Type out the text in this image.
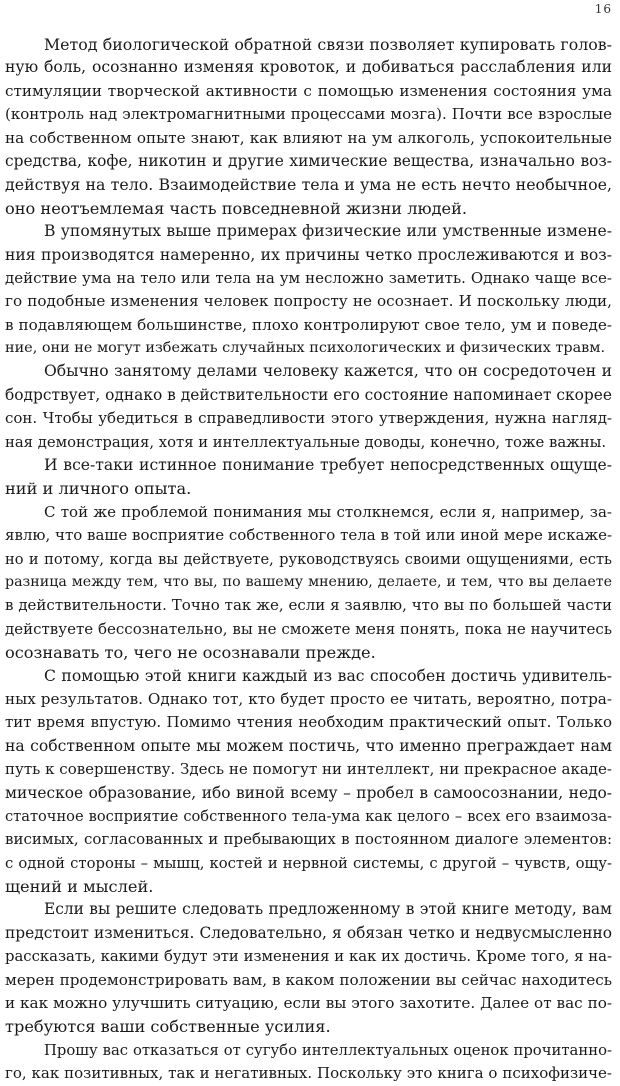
16
Метод биологической обратной связи позволяет купировать голов-
ную боль, осознанно изменяя кровоток, и добиваться расслабления или
стимуляции творческой активности с помощью изменения состояния ума
(контроль над электромагнитными процессами мозга). Почти все взрослые
на собственном опыте знают, как влияют на ум алкоголь, успокоительные
средства, кофе, никотин и другие химические вещества, изначально воз-
действуя на тело. Взаимодействие тела и ума не есть нечто необычное,
оно неотъемлемая часть повседневной жизни людей.
В упомянутых выше примерах физические или умственные измене-
ния производятся намеренно, их причины четко прослеживаются и воз-
действие ума на тело или тела на ум несложно заметить. Однако чаще все-
го подобные изменения человек попросту не осознает. И поскольку люди,
в подавляющем большинстве, плохо контролируют свое тело, ум и поведе-
ние, они не могут избежать случайных психологических и физических травм.
Обычно занятому делами человеку кажется, что он сосредоточен и
бодрствует, однако в действительности его состояние напоминает скорее
сон. Чтобы убедиться в справедливости этого утверждения, нужна нагляд-
ная демонстрация, хотя и интеллектуальные доводы, конечно, тоже важны.
И все-таки истинное понимание требует непосредственных ощуще-
ний и личного опыта.
С той же проблемой понимания мы столкнемся, если я, например, за-
явлю, что ваше восприятие собственного тела в той или иной мере искаже-
но и потому, когда вы действуете, руководствуясь своими ощущениями, есть
разница между тем, что вы, по вашему мнению, делаете, и тем, что вы делаете
в действительности. Точно так же, если я заявлю, что вы по большей части
действуете бессознательно, вы не сможете меня понять, пока не научитесь
осознавать то, чего не осознавали прежде.
С помощью этой книги каждый из вас способен достичь удивитель-
ных результатов. Однако тот, кто будет просто ее читать, вероятно, потра-
тит время впустую. Помимо чтения необходим практический опыт. Только
на собственном опыте мы можем постичь, что именно преграждает нам
путь к совершенству. Здесь не помогут ни интеллект, ни прекрасное акаде-
мическое образование, ибо виной всему – пробел в самоосознании, недо-
статочное восприятие собственного тела-ума как целого – всех его взаимоза-
висимых, согласованных и пребывающих в постоянном диалоге элементов:
с одной стороны – мышц, костей и нервной системы, с другой – чувств, ощу-
щений и мыслей.
Если вы решите следовать предложенному в этой книге методу, вам
предстоит измениться. Следовательно, я обязан четко и недвусмысленно
рассказать, какими будут эти изменения и как их достичь. Кроме того, я на-
мерен продемонстрировать вам, в каком положении вы сейчас находитесь
и как можно улучшить ситуацию, если вы этого захотите. Далее от вас по-
требуются ваши собственные усилия.
Прошу вас отказаться от сугубо интеллектуальных оценок прочитанно-
го, как позитивных, так и негативных. Поскольку это книга о психофизиче-
